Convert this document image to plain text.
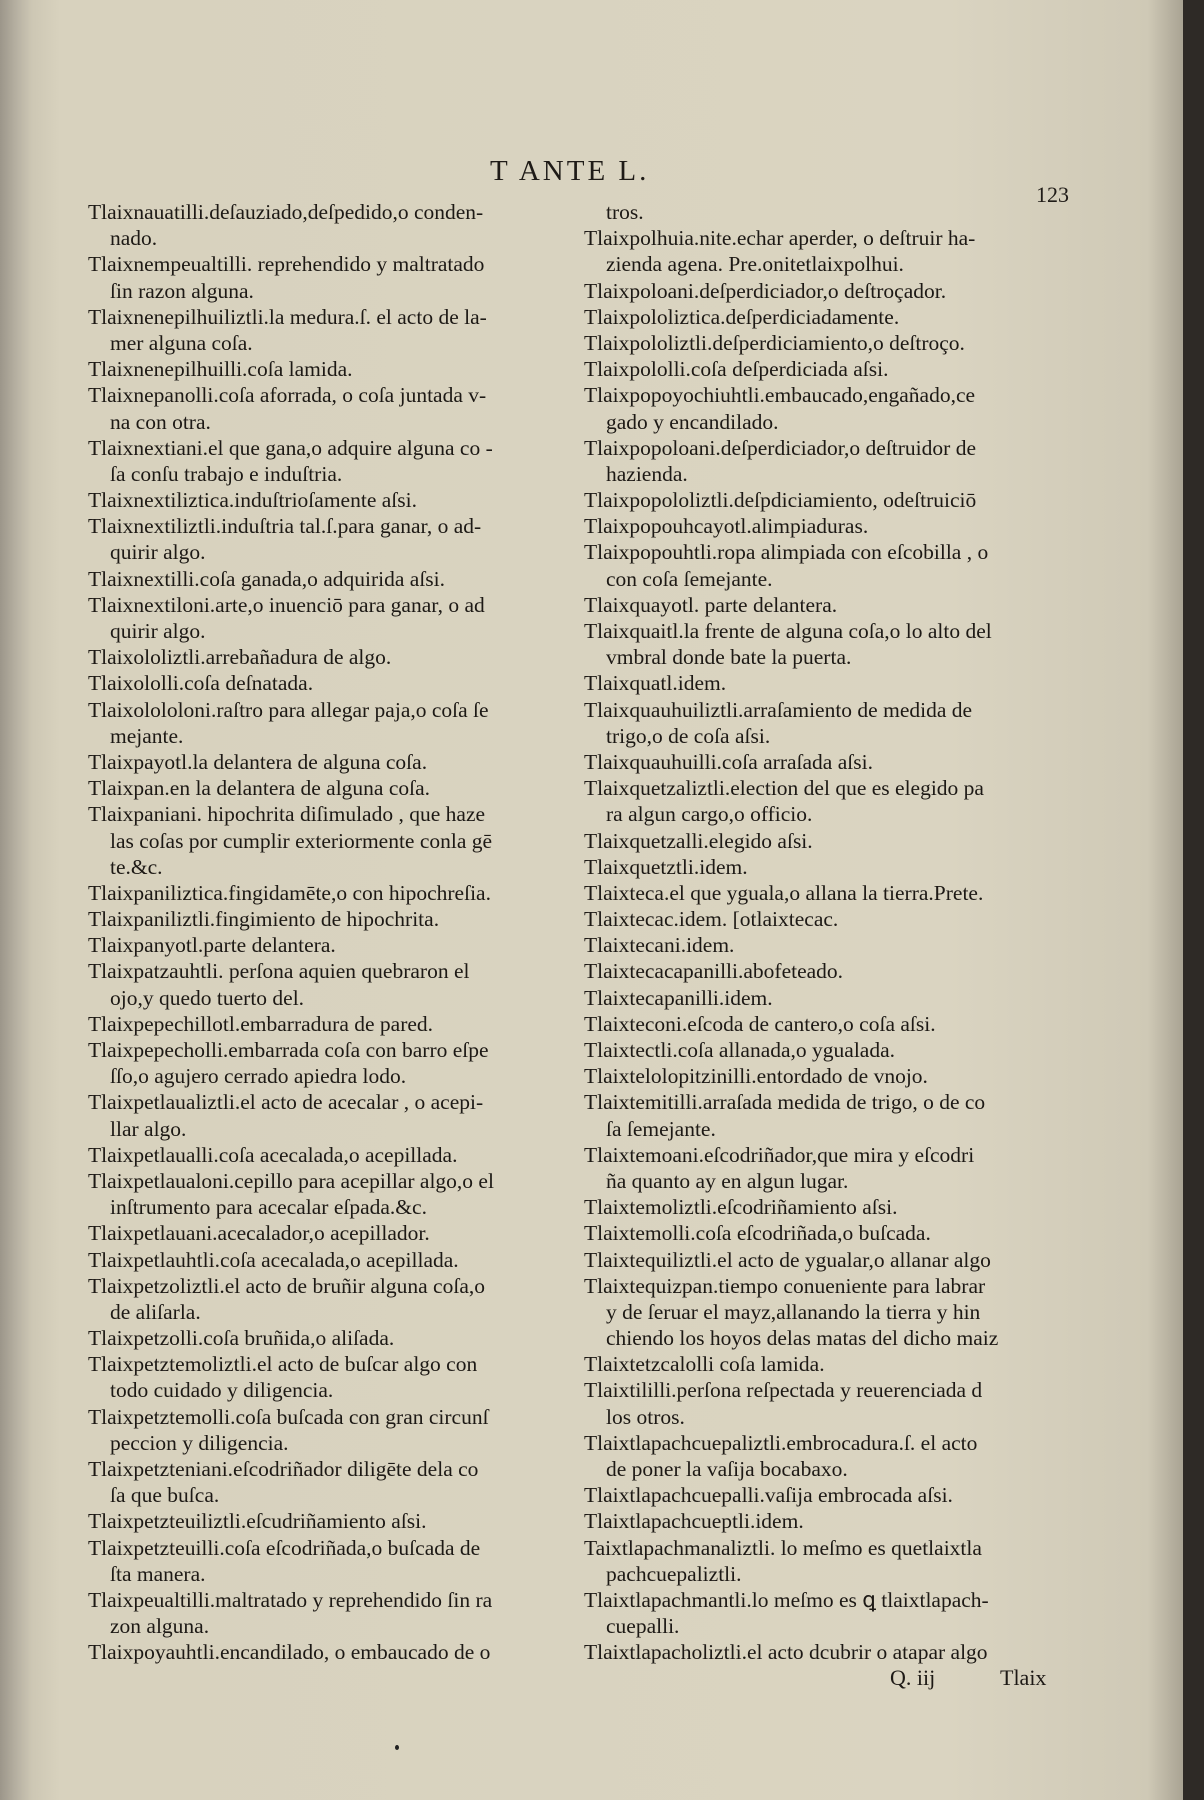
T ANTE L.
123
Tlaixnauatilli.deſauziado,deſpedido,o conden-
nado.
Tlaixnempeualtilli. reprehendido y maltratado
ſin razon alguna.
Tlaixnenepilhuiliztli.la medura.ſ. el acto de la-
mer alguna coſa.
Tlaixnenepilhuilli.coſa lamida.
Tlaixnepanolli.coſa aforrada, o coſa juntada v-
na con otra.
Tlaixnextiani.el que gana,o adquire alguna co -
ſa conſu trabajo e induſtria.
Tlaixnextiliztica.induſtrioſamente aſsi.
Tlaixnextiliztli.induſtria tal.ſ.para ganar, o ad-
quirir algo.
Tlaixnextilli.coſa ganada,o adquirida aſsi.
Tlaixnextiloni.arte,o inuenciō para ganar, o ad
quirir algo.
Tlaixololiztli.arrebañadura de algo.
Tlaixololli.coſa deſnatada.
Tlaixolololoni.raſtro para allegar paja,o coſa ſe
mejante.
Tlaixpayotl.la delantera de alguna coſa.
Tlaixpan.en la delantera de alguna coſa.
Tlaixpaniani. hipochrita diſimulado , que haze
las coſas por cumplir exteriormente conla gē
te.&c.
Tlaixpaniliztica.fingidamēte,o con hipochreſia.
Tlaixpaniliztli.fingimiento de hipochrita.
Tlaixpanyotl.parte delantera.
Tlaixpatzauhtli. perſona aquien quebraron el
ojo,y quedo tuerto del.
Tlaixpepechillotl.embarradura de pared.
Tlaixpepecholli.embarrada coſa con barro eſpe
ſſo,o agujero cerrado apiedra lodo.
Tlaixpetlaualiztli.el acto de acecalar , o acepi-
llar algo.
Tlaixpetlaualli.coſa acecalada,o acepillada.
Tlaixpetlaualoni.cepillo para acepillar algo,o el
inſtrumento para acecalar eſpada.&c.
Tlaixpetlauani.acecalador,o acepillador.
Tlaixpetlauhtli.coſa acecalada,o acepillada.
Tlaixpetzoliztli.el acto de bruñir alguna coſa,o
de aliſarla.
Tlaixpetzolli.coſa bruñida,o aliſada.
Tlaixpetztemoliztli.el acto de buſcar algo con
todo cuidado y diligencia.
Tlaixpetztemolli.coſa buſcada con gran circunſ
peccion y diligencia.
Tlaixpetzteniani.eſcodriñador diligēte dela co
ſa que buſca.
Tlaixpetzteuiliztli.eſcudriñamiento aſsi.
Tlaixpetzteuilli.coſa eſcodriñada,o buſcada de
ſta manera.
Tlaixpeualtilli.maltratado y reprehendido ſin ra
zon alguna.
Tlaixpoyauhtli.encandilado, o embaucado de o
tros.
Tlaixpolhuia.nite.echar aperder, o deſtruir ha-
zienda agena. Pre.onitetlaixpolhui.
Tlaixpoloani.deſperdiciador,o deſtroçador.
Tlaixpololiztica.deſperdiciadamente.
Tlaixpololiztli.deſperdiciamiento,o deſtroço.
Tlaixpololli.coſa deſperdiciada aſsi.
Tlaixpopoyochiuhtli.embaucado,engañado,ce
gado y encandilado.
Tlaixpopoloani.deſperdiciador,o deſtruidor de
hazienda.
Tlaixpopololiztli.deſpdiciamiento, odeſtruiciō
Tlaixpopouhcayotl.alimpiaduras.
Tlaixpopouhtli.ropa alimpiada con eſcobilla , o
con coſa ſemejante.
Tlaixquayotl. parte delantera.
Tlaixquaitl.la frente de alguna coſa,o lo alto del
vmbral donde bate la puerta.
Tlaixquatl.idem.
Tlaixquauhuiliztli.arraſamiento de medida de
trigo,o de coſa aſsi.
Tlaixquauhuilli.coſa arraſada aſsi.
Tlaixquetzaliztli.election del que es elegido pa
ra algun cargo,o officio.
Tlaixquetzalli.elegido aſsi.
Tlaixquetztli.idem.
Tlaixteca.el que yguala,o allana la tierra.Prete.
Tlaixtecac.idem. [otlaixtecac.
Tlaixtecani.idem.
Tlaixtecacapanilli.abofeteado.
Tlaixtecapanilli.idem.
Tlaixteconi.eſcoda de cantero,o coſa aſsi.
Tlaixtectli.coſa allanada,o ygualada.
Tlaixtelolopitzinilli.entordado de vnojo.
Tlaixtemitilli.arraſada medida de trigo, o de co
ſa ſemejante.
Tlaixtemoani.eſcodriñador,que mira y eſcodri
ña quanto ay en algun lugar.
Tlaixtemoliztli.eſcodriñamiento aſsi.
Tlaixtemolli.coſa eſcodriñada,o buſcada.
Tlaixtequiliztli.el acto de ygualar,o allanar algo
Tlaixtequizpan.tiempo conueniente para labrar
y de ſeruar el mayz,allanando la tierra y hin
chiendo los hoyos delas matas del dicho maiz
Tlaixtetzcalolli coſa lamida.
Tlaixtililli.perſona reſpectada y reuerenciada d
los otros.
Tlaixtlapachcuepaliztli.embrocadura.ſ. el acto
de poner la vaſija bocabaxo.
Tlaixtlapachcuepalli.vaſija embrocada aſsi.
Tlaixtlapachcueptli.idem.
Taixtlapachmanaliztli. lo meſmo es quetlaixtla
pachcuepaliztli.
Tlaixtlapachmantli.lo meſmo es ꝗ tlaixtlapach-
cuepalli.
Tlaixtlapacholiztli.el acto dcubrir o atapar algo
Q. iij	Tlaix
